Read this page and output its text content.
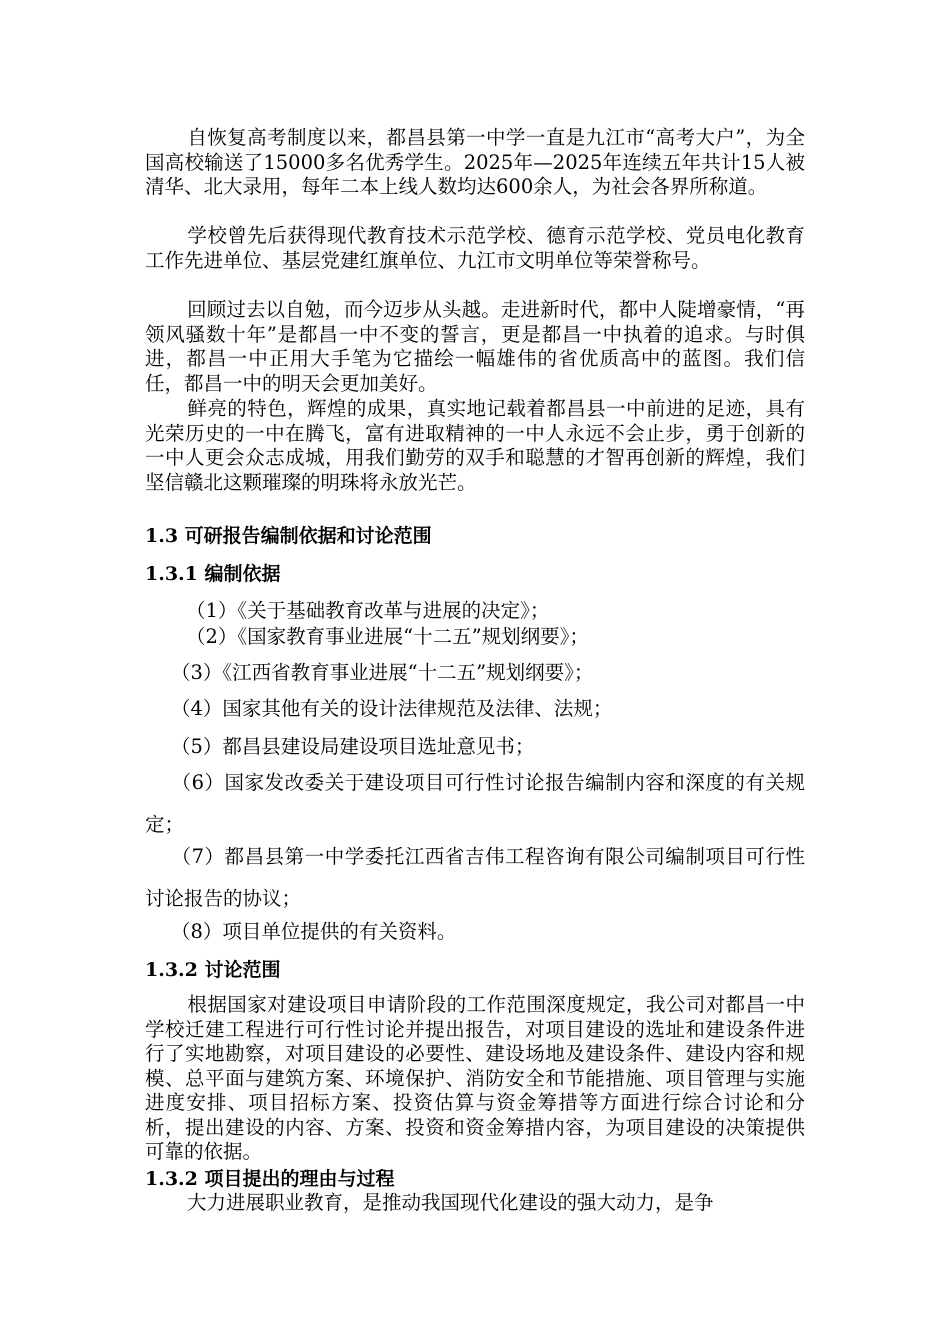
自恢复高考制度以来，都昌县第一中学一直是九江市“高考大户”，为全国高校输送了15000多名优秀学生。2025年—2025年连续五年共计15人被清华、北大录用，每年二本上线人数均达600余人，为社会各界所称道。

学校曾先后获得现代教育技术示范学校、德育示范学校、党员电化教育工作先进单位、基层党建红旗单位、九江市文明单位等荣誉称号。

回顾过去以自勉，而今迈步从头越。走进新时代，都中人陡增豪情，“再领风骚数十年”是都昌一中不变的誓言，更是都昌一中执着的追求。与时俱进，都昌一中正用大手笔为它描绘一幅雄伟的省优质高中的蓝图。我们信任，都昌一中的明天会更加美好。

鲜亮的特色，辉煌的成果，真实地记载着都昌县一中前进的足迹，具有光荣历史的一中在腾飞，富有进取精神的一中人永远不会止步，勇于创新的一中人更会众志成城，用我们勤劳的双手和聪慧的才智再创新的辉煌，我们坚信赣北这颗璀璨的明珠将永放光芒。

1.3 可研报告编制依据和讨论范围
1.3.1 编制依据

（1）《关于基础教育改革与进展的决定》；

（2）《国家教育事业进展“十二五”规划纲要》；

（3）《江西省教育事业进展“十二五”规划纲要》；

（4）国家其他有关的设计法律规范及法律、法规；

（5）都昌县建设局建设项目选址意见书；

（6）国家发改委关于建设项目可行性讨论报告编制内容和深度的有关规定；

（7）都昌县第一中学委托江西省吉伟工程咨询有限公司编制项目可行性讨论报告的协议；

（8）项目单位提供的有关资料。

1.3.2 讨论范围

根据国家对建设项目申请阶段的工作范围深度规定，我公司对都昌一中学校迁建工程进行可行性讨论并提出报告，对项目建设的选址和建设条件进行了实地勘察，对项目建设的必要性、建设场地及建设条件、建设内容和规模、总平面与建筑方案、环境保护、消防安全和节能措施、项目管理与实施进度安排、项目招标方案、投资估算与资金筹措等方面进行综合讨论和分析，提出建设的内容、方案、投资和资金筹措内容，为项目建设的决策提供可靠的依据。

1.3.2 项目提出的理由与过程

大力进展职业教育，是推动我国现代化建设的强大动力，是争
